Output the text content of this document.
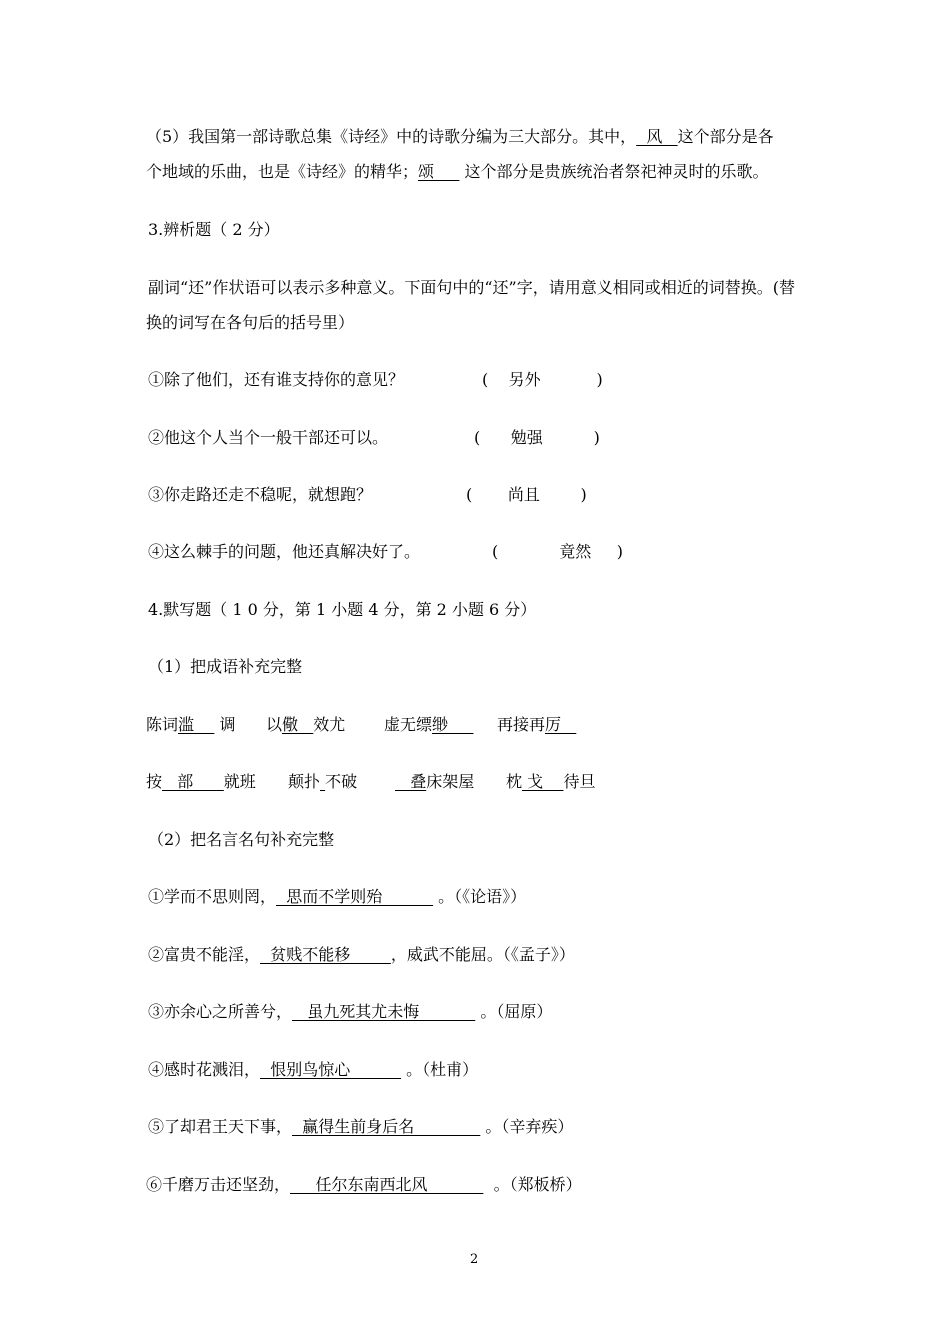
（5）我国第一部诗歌总集《诗经》中的诗歌分编为三大部分。其中，  风   这个部分是各
个地域的乐曲，也是《诗经》的精华；颂      这个部分是贵族统治者祭祀神灵时的乐歌。
3.辨析题（ 2 分）
副词“还”作状语可以表示多种意义。下面句中的“还”字，请用意义相同或相近的词替换。(替
换的词写在各句后的括号里）
①除了他们，还有谁支持你的意见？	(    另外           )
②他这个人当个一般干部还可以。	(      勉强          )
③你走路还走不稳呢，就想跑？	(       尚且        )
④这么棘手的问题，他还真解决好了。	(            竟然     )
4.默写题（ 1 0 分，第 1 小题 4 分，第 2 小题 6 分）
（1）把成语补充完整
陈词滥     调 以儆   效尤 虚无缥缈 再接再厉
按   部      就班 颠扑 不破 叠床架屋 枕 戈    待旦
（2）把名言名句补充完整
①学而不思则罔，  思而不学则殆           。（《论语》）
②富贵不能淫，  贫贱不能移        ，威武不能屈。（《孟子》）
③亦余心之所善兮，   虽九死其尤未悔            。（屈原）
④感时花溅泪，  恨别鸟惊心           。（杜甫）
⑤了却君王天下事，  赢得生前身后名              。（辛弃疾）
⑥千磨万击还坚劲，     任尔东南西北风             。（郑板桥）
2
